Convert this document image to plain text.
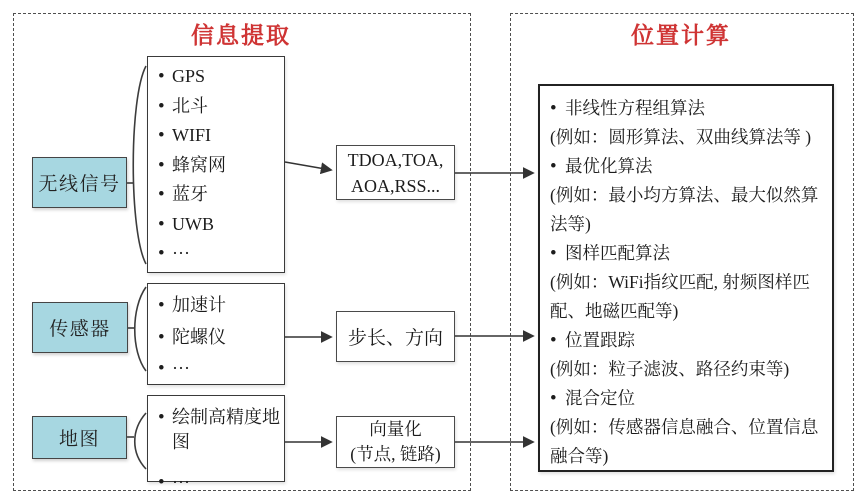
信息提取	位置计算
无线信号
传感器
地图
•
GPS
•
北斗
•
WIFI
•
蜂窝网
•
蓝牙
•
UWB
•
···
•
加速计
•
陀螺仪
•
···
•
绘制高精度地图
•
···
TDOA,TOA,
AOA,RSS...
步长、方向
向量化
(节点, 链路)
•
非线性方程组算法
(例如：圆形算法、双曲线算法等 )
•
最优化算法
(例如：最小均方算法、最大似然算法等)
•
图样匹配算法
(例如：WiFi指纹匹配, 射频图样匹配、地磁匹配等)
•
位置跟踪
(例如：粒子滤波、路径约束等)
•
混合定位
(例如：传感器信息融合、位置信息融合等)
